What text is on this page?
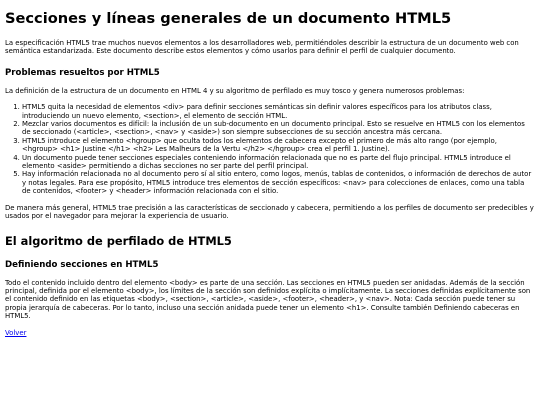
Secciones y líneas generales de un documento HTML5

La especificación HTML5 trae muchos nuevos elementos a los desarrolladores web, permitiéndoles describir la estructura de un documento web con semántica estandarizada. Este documento describe estos elementos y cómo usarlos para definir el perfil de cualquier documento.

Problemas resueltos por HTML5

La definición de la estructura de un documento en HTML 4 y su algoritmo de perfilado es muy tosco y genera numerosos problemas:

1. HTML5 quita la necesidad de elementos <div> para definir secciones semánticas sin definir valores específicos para los atributos class, introduciendo un nuevo elemento, <section>, el elemento de sección HTML.
2. Mezclar varios documentos es difícil: la inclusión de un sub-documento en un documento principal. Esto se resuelve en HTML5 con los elementos de seccionado (<article>, <section>, <nav> y <aside>) son siempre subsecciones de su sección ancestra más cercana.
3. HTML5 introduce el elemento <hgroup> que oculta todos los elementos de cabecera excepto el primero de más alto rango (por ejemplo, <hgroup> <h1> Justine </h1> <h2> Les Malheurs de la Vertu </h2> </hgroup> crea el perfil 1. Justine).
4. Un documento puede tener secciones especiales conteniendo información relacionada que no es parte del flujo principal. HTML5 introduce el elemento <aside> permitiendo a dichas secciones no ser parte del perfil principal.
5. Hay información relacionada no al documento pero sí al sitio entero, como logos, menús, tablas de contenidos, o información de derechos de autor y notas legales. Para ese propósito, HTML5 introduce tres elementos de sección específicos: <nav> para colecciones de enlaces, como una tabla de contenidos, <footer> y <header> información relacionada con el sitio.

De manera más general, HTML5 trae precisión a las características de seccionado y cabecera, permitiendo a los perfiles de documento ser predecibles y usados por el navegador para mejorar la experiencia de usuario.

El algoritmo de perfilado de HTML5
Definiendo secciones en HTML5

Todo el contenido incluido dentro del elemento <body> es parte de una sección. Las secciones en HTML5 pueden ser anidadas. Además de la sección principal, definida por el elemento <body>, los límites de la sección son definidos explícita o implícitamente. La secciones definidas explícitamente son el contenido definido en las etiquetas <body>, <section>, <article>, <aside>, <footer>, <header>, y <nav>. Nota: Cada sección puede tener su propia jerarquía de cabeceras. Por lo tanto, incluso una sección anidada puede tener un elemento <h1>. Consulte también Definiendo cabeceras en HTML5.

Volver
